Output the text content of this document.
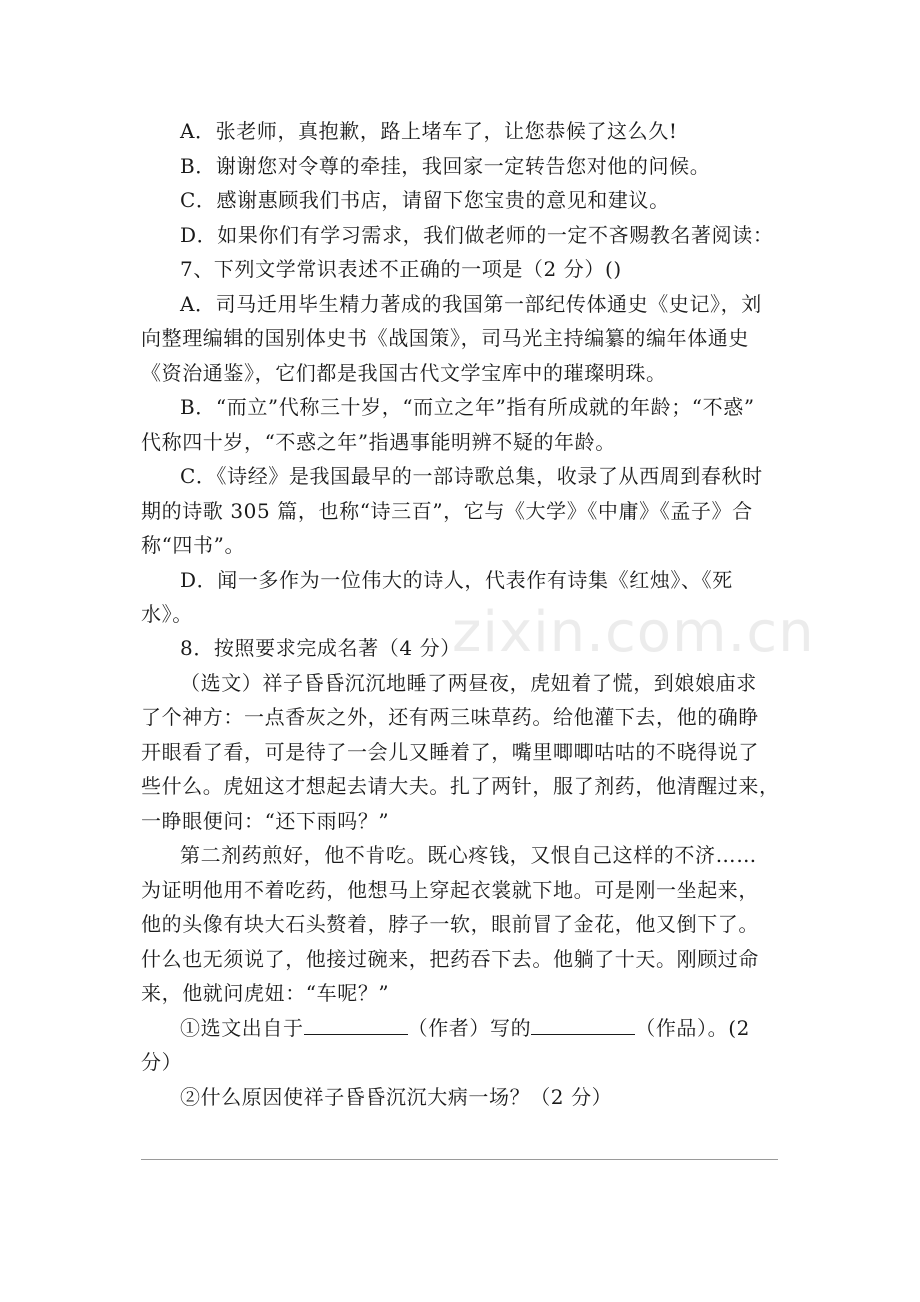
A．张老师，真抱歉，路上堵车了，让您恭候了这么久!
B．谢谢您对令尊的牵挂，我回家一定转告您对他的问候。
C．感谢惠顾我们书店，请留下您宝贵的意见和建议。
D．如果你们有学习需求，我们做老师的一定不吝赐教名著阅读：
7、下列文学常识表述不正确的一项是（2 分）()
A．司马迁用毕生精力著成的我国第一部纪传体通史《史记》，刘
向整理编辑的国别体史书《战国策》，司马光主持编纂的编年体通史
《资治通鉴》，它们都是我国古代文学宝库中的璀璨明珠。
B．“而立”代称三十岁，“而立之年”指有所成就的年龄；“不惑”
代称四十岁，“不惑之年”指遇事能明辨不疑的年龄。
C．《诗经》是我国最早的一部诗歌总集，收录了从西周到春秋时
期的诗歌 305 篇，也称“诗三百”，它与《大学》《中庸》《孟子》合
称“四书”。
D．闻一多作为一位伟大的诗人，代表作有诗集《红烛》、《死
水》。
8．按照要求完成名著（4 分）
（选文）祥子昏昏沉沉地睡了两昼夜，虎妞着了慌，到娘娘庙求
了个神方：一点香灰之外，还有两三味草药。给他灌下去，他的确睁
开眼看了看，可是待了一会儿又睡着了，嘴里唧唧咕咕的不晓得说了
些什么。虎妞这才想起去请大夫。扎了两针，服了剂药，他清醒过来，
一睁眼便问：“还下雨吗？”
第二剂药煎好，他不肯吃。既心疼钱，又恨自己这样的不济……
为证明他用不着吃药，他想马上穿起衣裳就下地。可是刚一坐起来，
他的头像有块大石头赘着，脖子一软，眼前冒了金花，他又倒下了。
什么也无须说了，他接过碗来，把药吞下去。他躺了十天。刚顾过命
来，他就问虎妞：“车呢？”
①选文出自于	（作者）写的	（作品）。(2
分）
②什么原因使祥子昏昏沉沉大病一场？（2 分）
zixin.com.cn
